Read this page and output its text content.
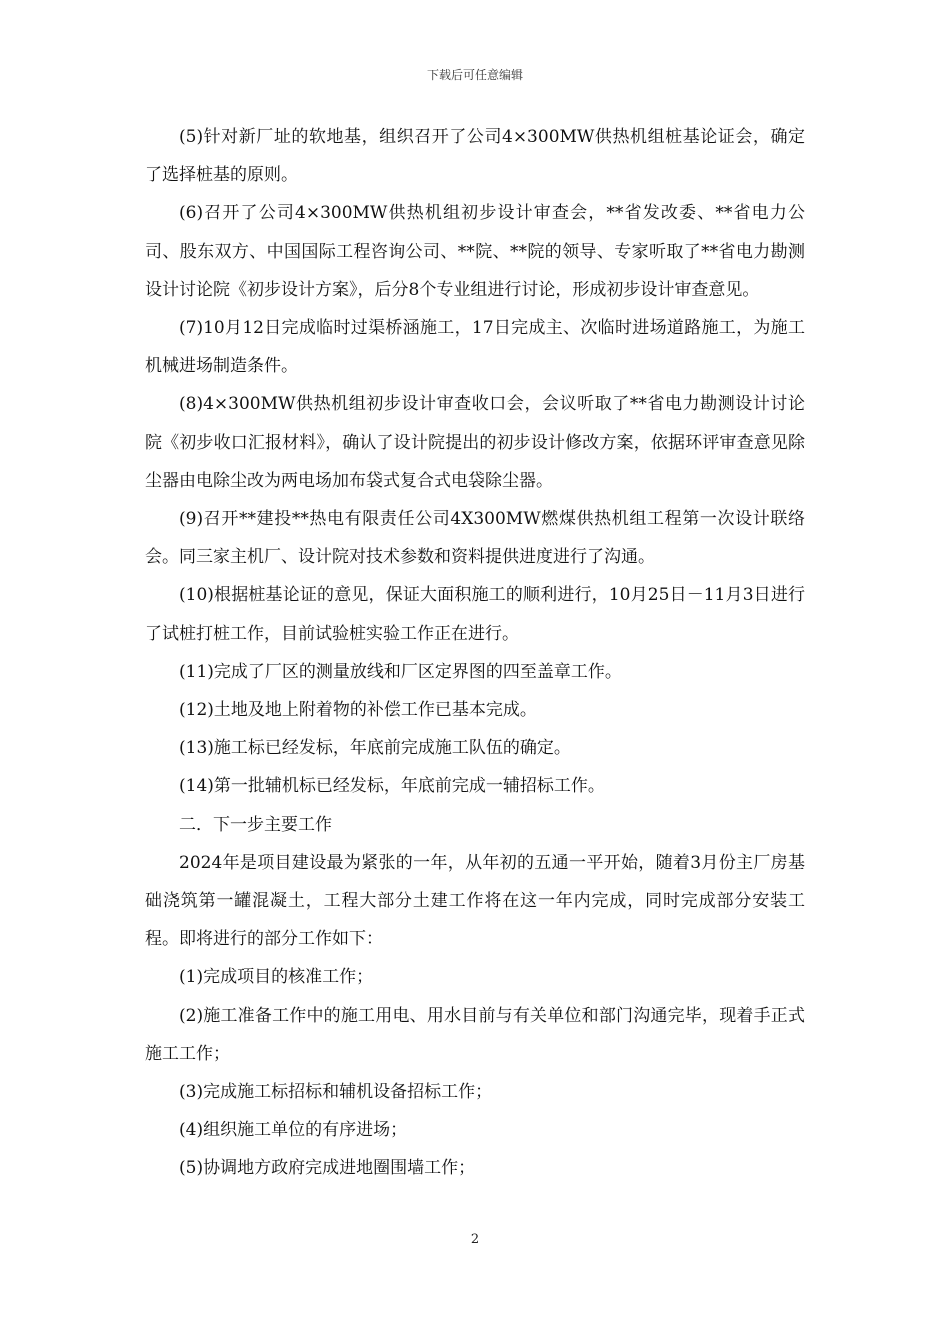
下载后可任意编辑

(5)针对新厂址的软地基，组织召开了公司4×300MW供热机组桩基论证会，确定了选择桩基的原则。

(6)召开了公司4×300MW供热机组初步设计审查会，**省发改委、**省电力公司、股东双方、中国国际工程咨询公司、**院、**院的领导、专家听取了**省电力勘测设计讨论院《初步设计方案》，后分8个专业组进行讨论，形成初步设计审查意见。

(7)10月12日完成临时过渠桥涵施工，17日完成主、次临时进场道路施工，为施工机械进场制造条件。

(8)4×300MW供热机组初步设计审查收口会，会议听取了**省电力勘测设计讨论院《初步收口汇报材料》，确认了设计院提出的初步设计修改方案，依据环评审查意见除尘器由电除尘改为两电场加布袋式复合式电袋除尘器。

(9)召开**建投**热电有限责任公司4X300MW燃煤供热机组工程第一次设计联络会。同三家主机厂、设计院对技术参数和资料提供进度进行了沟通。

(10)根据桩基论证的意见，保证大面积施工的顺利进行，10月25日－11月3日进行了试桩打桩工作，目前试验桩实验工作正在进行。

(11)完成了厂区的测量放线和厂区定界图的四至盖章工作。

(12)土地及地上附着物的补偿工作已基本完成。

(13)施工标已经发标，年底前完成施工队伍的确定。

(14)第一批辅机标已经发标，年底前完成一辅招标工作。

二．下一步主要工作

2024年是项目建设最为紧张的一年，从年初的五通一平开始，随着3月份主厂房基础浇筑第一罐混凝土，工程大部分土建工作将在这一年内完成，同时完成部分安装工程。即将进行的部分工作如下：

(1)完成项目的核准工作；

(2)施工准备工作中的施工用电、用水目前与有关单位和部门沟通完毕，现着手正式施工工作；

(3)完成施工标招标和辅机设备招标工作；

(4)组织施工单位的有序进场；

(5)协调地方政府完成进地圈围墙工作；

2
